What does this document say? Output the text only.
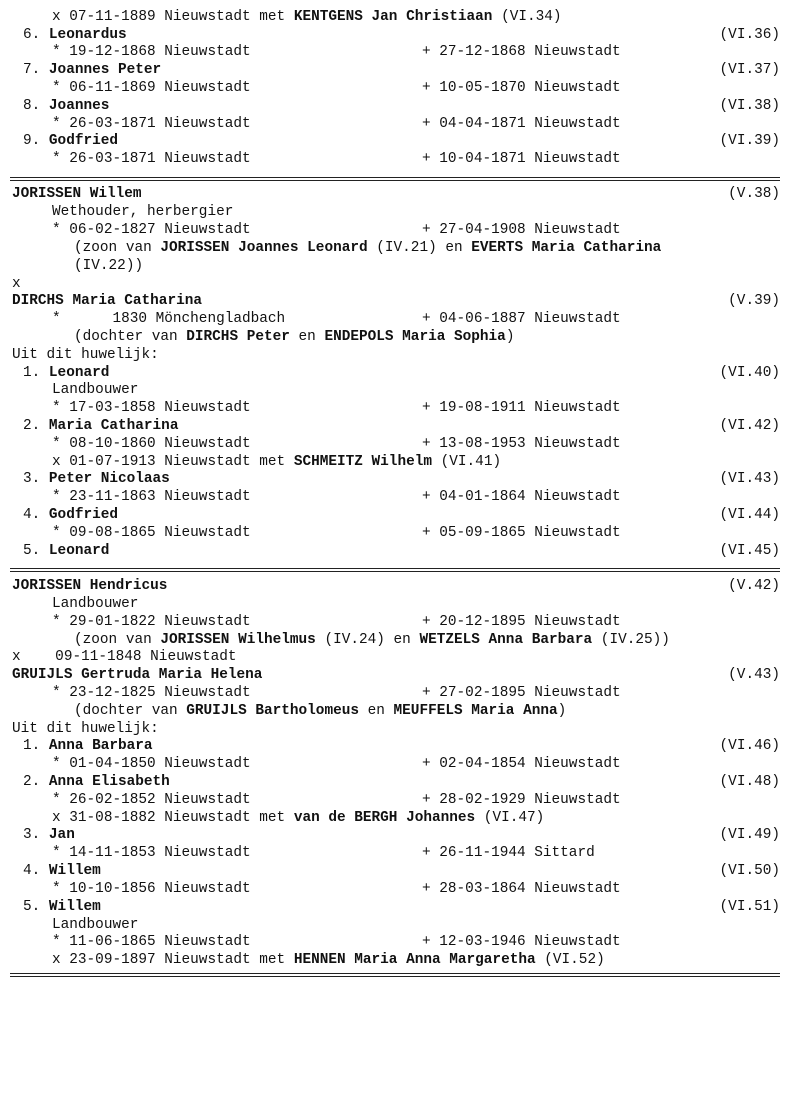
x 07-11-1889 Nieuwstadt met KENTGENS Jan Christiaan (VI.34)
6. Leonardus	(VI.36)
* 19-12-1868 Nieuwstadt	+ 27-12-1868 Nieuwstadt
7. Joannes Peter	(VI.37)
* 06-11-1869 Nieuwstadt	+ 10-05-1870 Nieuwstadt
8. Joannes	(VI.38)
* 26-03-1871 Nieuwstadt	+ 04-04-1871 Nieuwstadt
9. Godfried	(VI.39)
* 26-03-1871 Nieuwstadt	+ 10-04-1871 Nieuwstadt
JORISSEN Willem	(V.38)
Wethouder, herbergier
* 06-02-1827 Nieuwstadt	+ 27-04-1908 Nieuwstadt
(zoon van JORISSEN Joannes Leonard (IV.21) en EVERTS Maria Catharina
(IV.22))
x
DIRCHS Maria Catharina	(V.39)
*      1830 Mönchengladbach	+ 04-06-1887 Nieuwstadt
(dochter van DIRCHS Peter en ENDEPOLS Maria Sophia)
Uit dit huwelijk:
1. Leonard	(VI.40)
Landbouwer
* 17-03-1858 Nieuwstadt	+ 19-08-1911 Nieuwstadt
2. Maria Catharina	(VI.42)
* 08-10-1860 Nieuwstadt	+ 13-08-1953 Nieuwstadt
x 01-07-1913 Nieuwstadt met SCHMEITZ Wilhelm (VI.41)
3. Peter Nicolaas	(VI.43)
* 23-11-1863 Nieuwstadt	+ 04-01-1864 Nieuwstadt
4. Godfried	(VI.44)
* 09-08-1865 Nieuwstadt	+ 05-09-1865 Nieuwstadt
5. Leonard	(VI.45)
JORISSEN Hendricus	(V.42)
Landbouwer
* 29-01-1822 Nieuwstadt	+ 20-12-1895 Nieuwstadt
(zoon van JORISSEN Wilhelmus (IV.24) en WETZELS Anna Barbara (IV.25))
x    09-11-1848 Nieuwstadt
GRUIJLS Gertruda Maria Helena	(V.43)
* 23-12-1825 Nieuwstadt	+ 27-02-1895 Nieuwstadt
(dochter van GRUIJLS Bartholomeus en MEUFFELS Maria Anna)
Uit dit huwelijk:
1. Anna Barbara	(VI.46)
* 01-04-1850 Nieuwstadt	+ 02-04-1854 Nieuwstadt
2. Anna Elisabeth	(VI.48)
* 26-02-1852 Nieuwstadt	+ 28-02-1929 Nieuwstadt
x 31-08-1882 Nieuwstadt met van de BERGH Johannes (VI.47)
3. Jan	(VI.49)
* 14-11-1853 Nieuwstadt	+ 26-11-1944 Sittard
4. Willem	(VI.50)
* 10-10-1856 Nieuwstadt	+ 28-03-1864 Nieuwstadt
5. Willem	(VI.51)
Landbouwer
* 11-06-1865 Nieuwstadt	+ 12-03-1946 Nieuwstadt
x 23-09-1897 Nieuwstadt met HENNEN Maria Anna Margaretha (VI.52)
